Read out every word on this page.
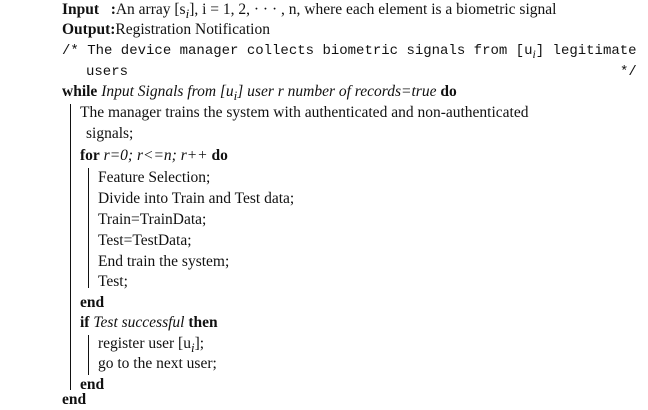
Input :An array $[s_i]$, i = 1, 2, · · · , n, where each element is a biometric signal
Output:Registration Notification
/* The device manager collects biometric signals from $[u_i]$ legitimate
users	*/
while Input Signals from $[u_i]$ user r number of records=true do
The manager trains the system with authenticated and non-authenticated
signals;
for r=0; r<=n; r++ do
Feature Selection;
Divide into Train and Test data;
Train=TrainData;
Test=TestData;
End train the system;
Test;
end
if Test successful then
register user $[u_i]$;
go to the next user;
end
end
